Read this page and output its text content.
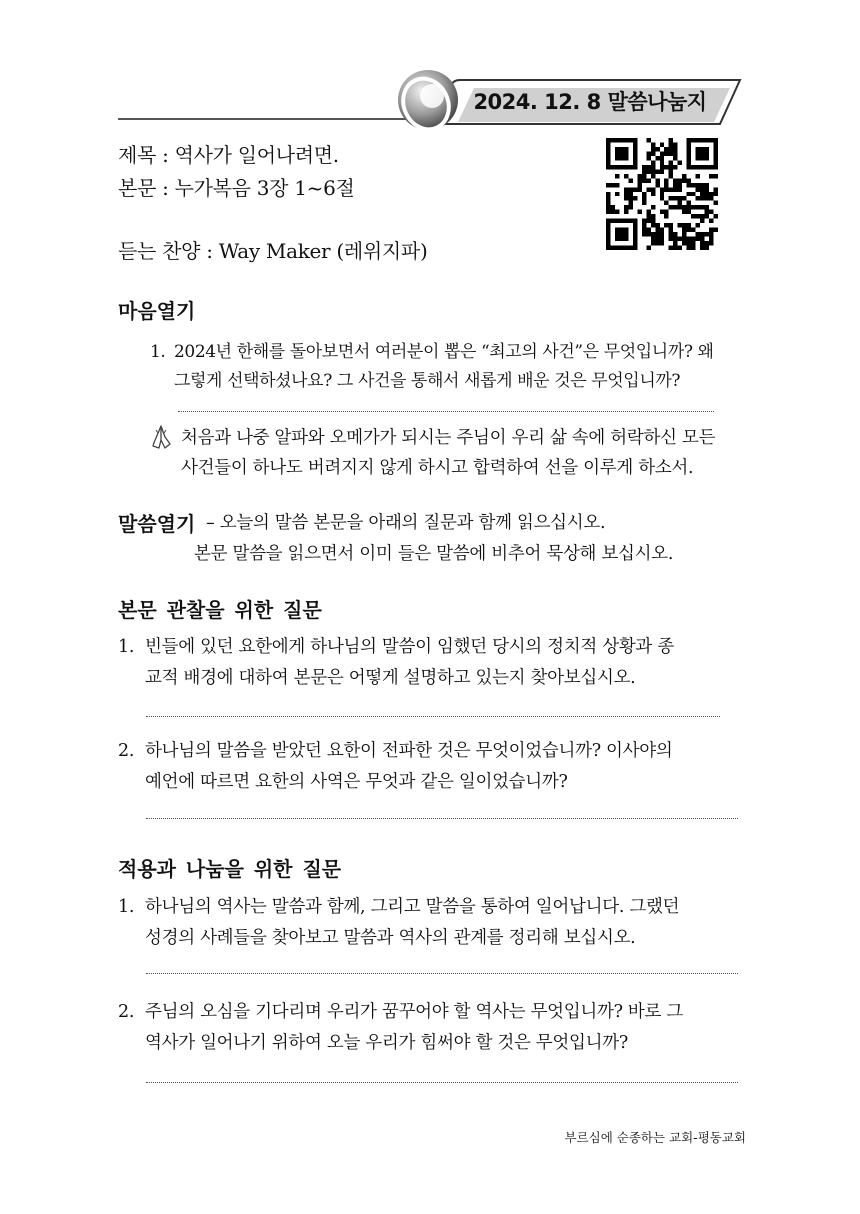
2024. 12. 8 말씀나눔지
제목 : 역사가 일어나려면.
본문 : 누가복음 3장 1~6절
듣는 찬양 : Way Maker (레위지파)
마음열기
1. 2024년 한해를 돌아보면서 여러분이 뽑은 “최고의 사건”은 무엇입니까? 왜
그렇게 선택하셨나요? 그 사건을 통해서 새롭게 배운 것은 무엇입니까?
처음과 나중 알파와 오메가가 되시는 주님이 우리 삶 속에 허락하신 모든
사건들이 하나도 버려지지 않게 하시고 합력하여 선을 이루게 하소서.
말씀열기 – 오늘의 말씀 본문을 아래의 질문과 함께 읽으십시오.
본문 말씀을 읽으면서 이미 들은 말씀에 비추어 묵상해 보십시오.
본문 관찰을 위한 질문
1. 빈들에 있던 요한에게 하나님의 말씀이 임했던 당시의 정치적 상황과 종
교적 배경에 대하여 본문은 어떻게 설명하고 있는지 찾아보십시오.
2. 하나님의 말씀을 받았던 요한이 전파한 것은 무엇이었습니까? 이사야의
예언에 따르면 요한의 사역은 무엇과 같은 일이었습니까?
적용과 나눔을 위한 질문
1. 하나님의 역사는 말씀과 함께, 그리고 말씀을 통하여 일어납니다. 그랬던
성경의 사례들을 찾아보고 말씀과 역사의 관계를 정리해 보십시오.
2. 주님의 오심을 기다리며 우리가 꿈꾸어야 할 역사는 무엇입니까? 바로 그
역사가 일어나기 위하여 오늘 우리가 힘써야 할 것은 무엇입니까?
부르심에 순종하는 교회-평동교회
